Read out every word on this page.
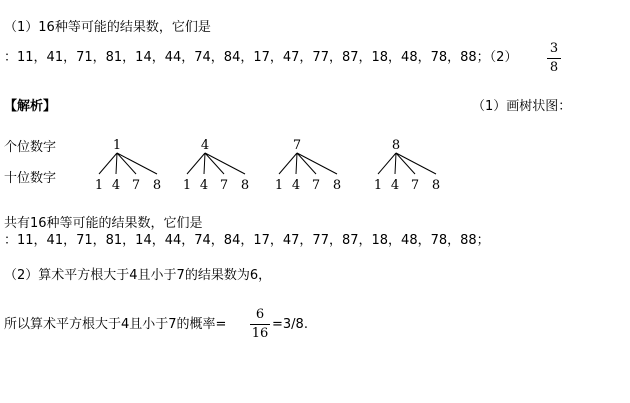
（1）16种等可能的结果数，它们是
：11，41，71，81，14，44，74，84，17，47，77，87，18，48，78，88；（2）
3
8
【解析】	（1）画树状图：
个位数字
十位数字
1
1 4 7 8
4
1 4 7 8
7
1 4 7 8
8
1 4 7 8
共有16种等可能的结果数，它们是
：11，41，71，81，14，44，74，84，17，47，77，87，18，48，78，88；
（2）算术平方根大于4且小于7的结果数为6，
所以算术平方根大于4且小于7的概率=
6
16
=3/8.
